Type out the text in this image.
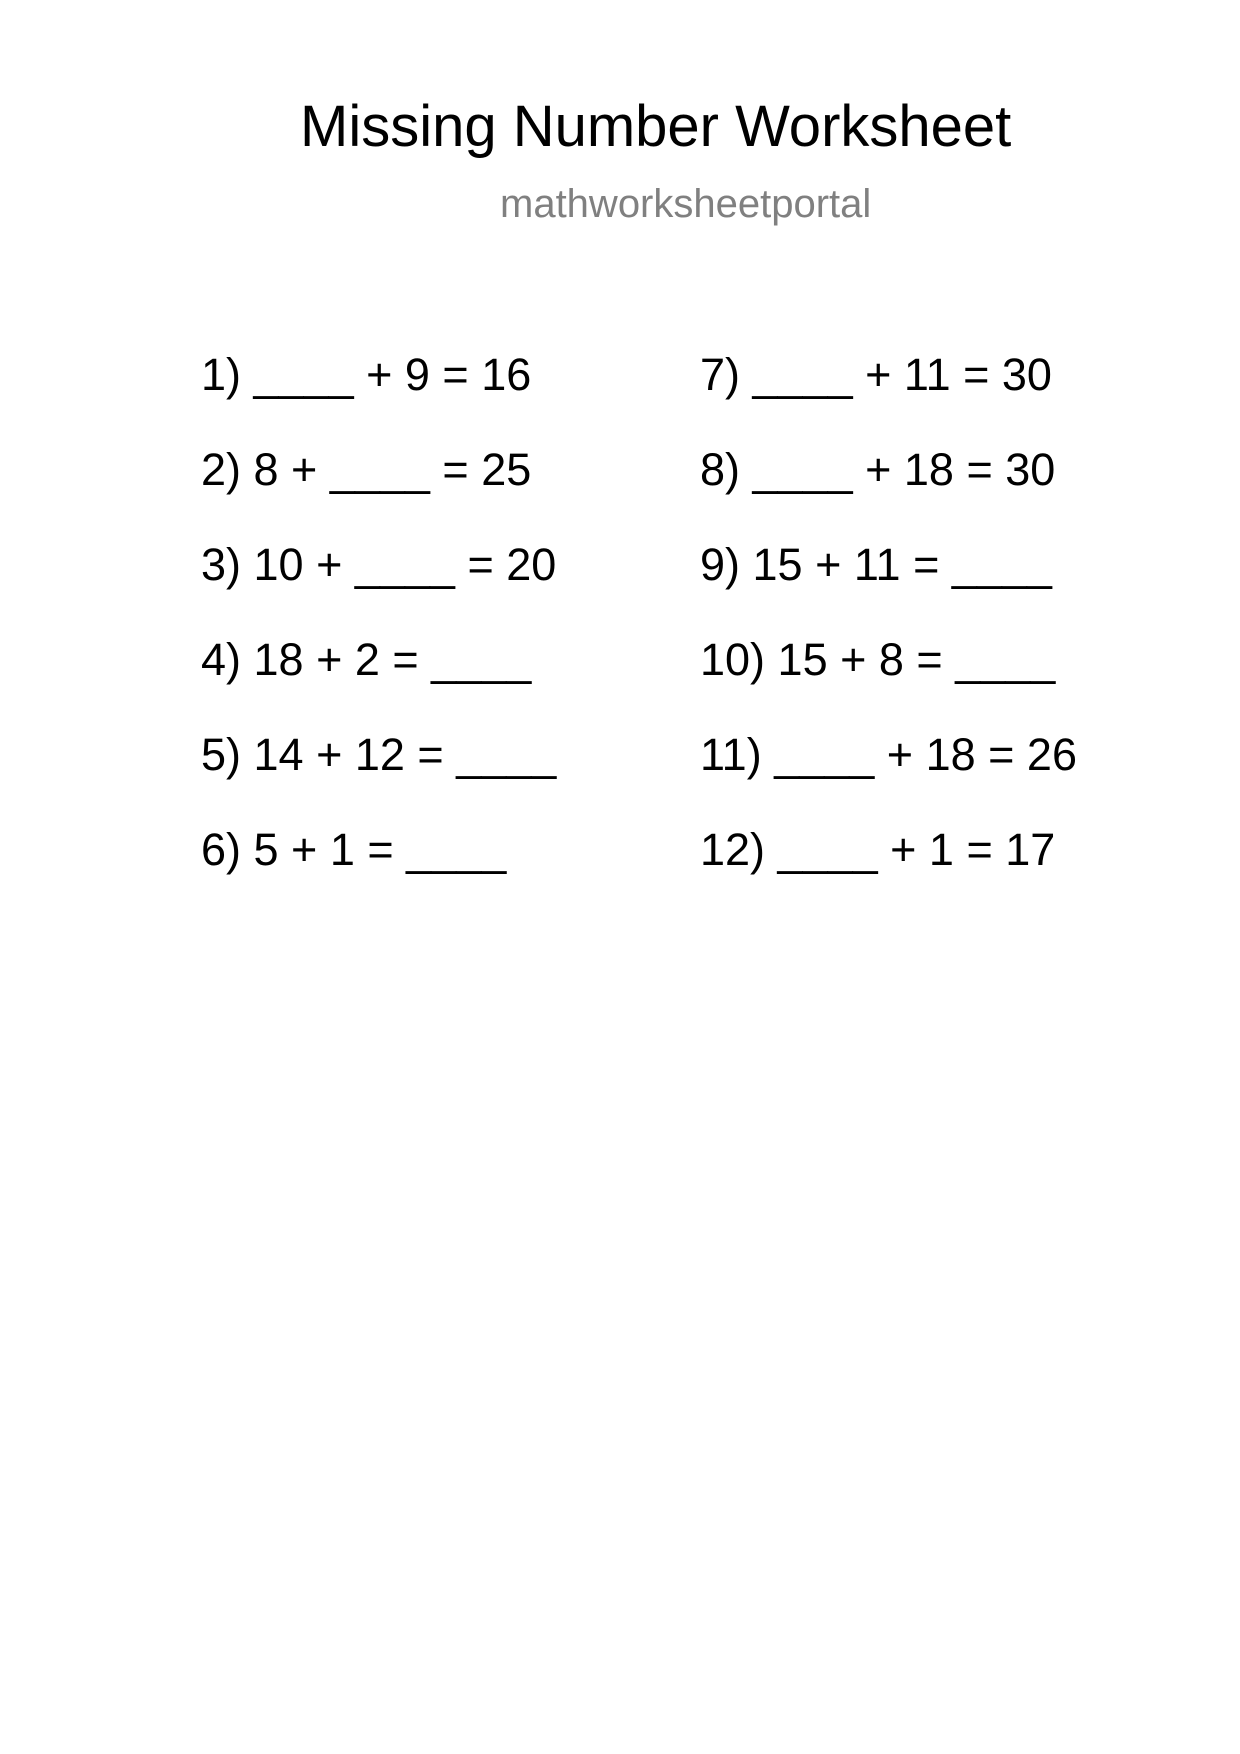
Missing Number Worksheet
mathworksheetportal
1) ____ + 9 = 16
2) 8 + ____ = 25
3) 10 + ____ = 20
4) 18 + 2 = ____
5) 14 + 12 = ____
6) 5 + 1 = ____
7) ____ + 11 = 30
8) ____ + 18 = 30
9) 15 + 11 = ____
10) 15 + 8 = ____
11) ____ + 18 = 26
12) ____ + 1 = 17
